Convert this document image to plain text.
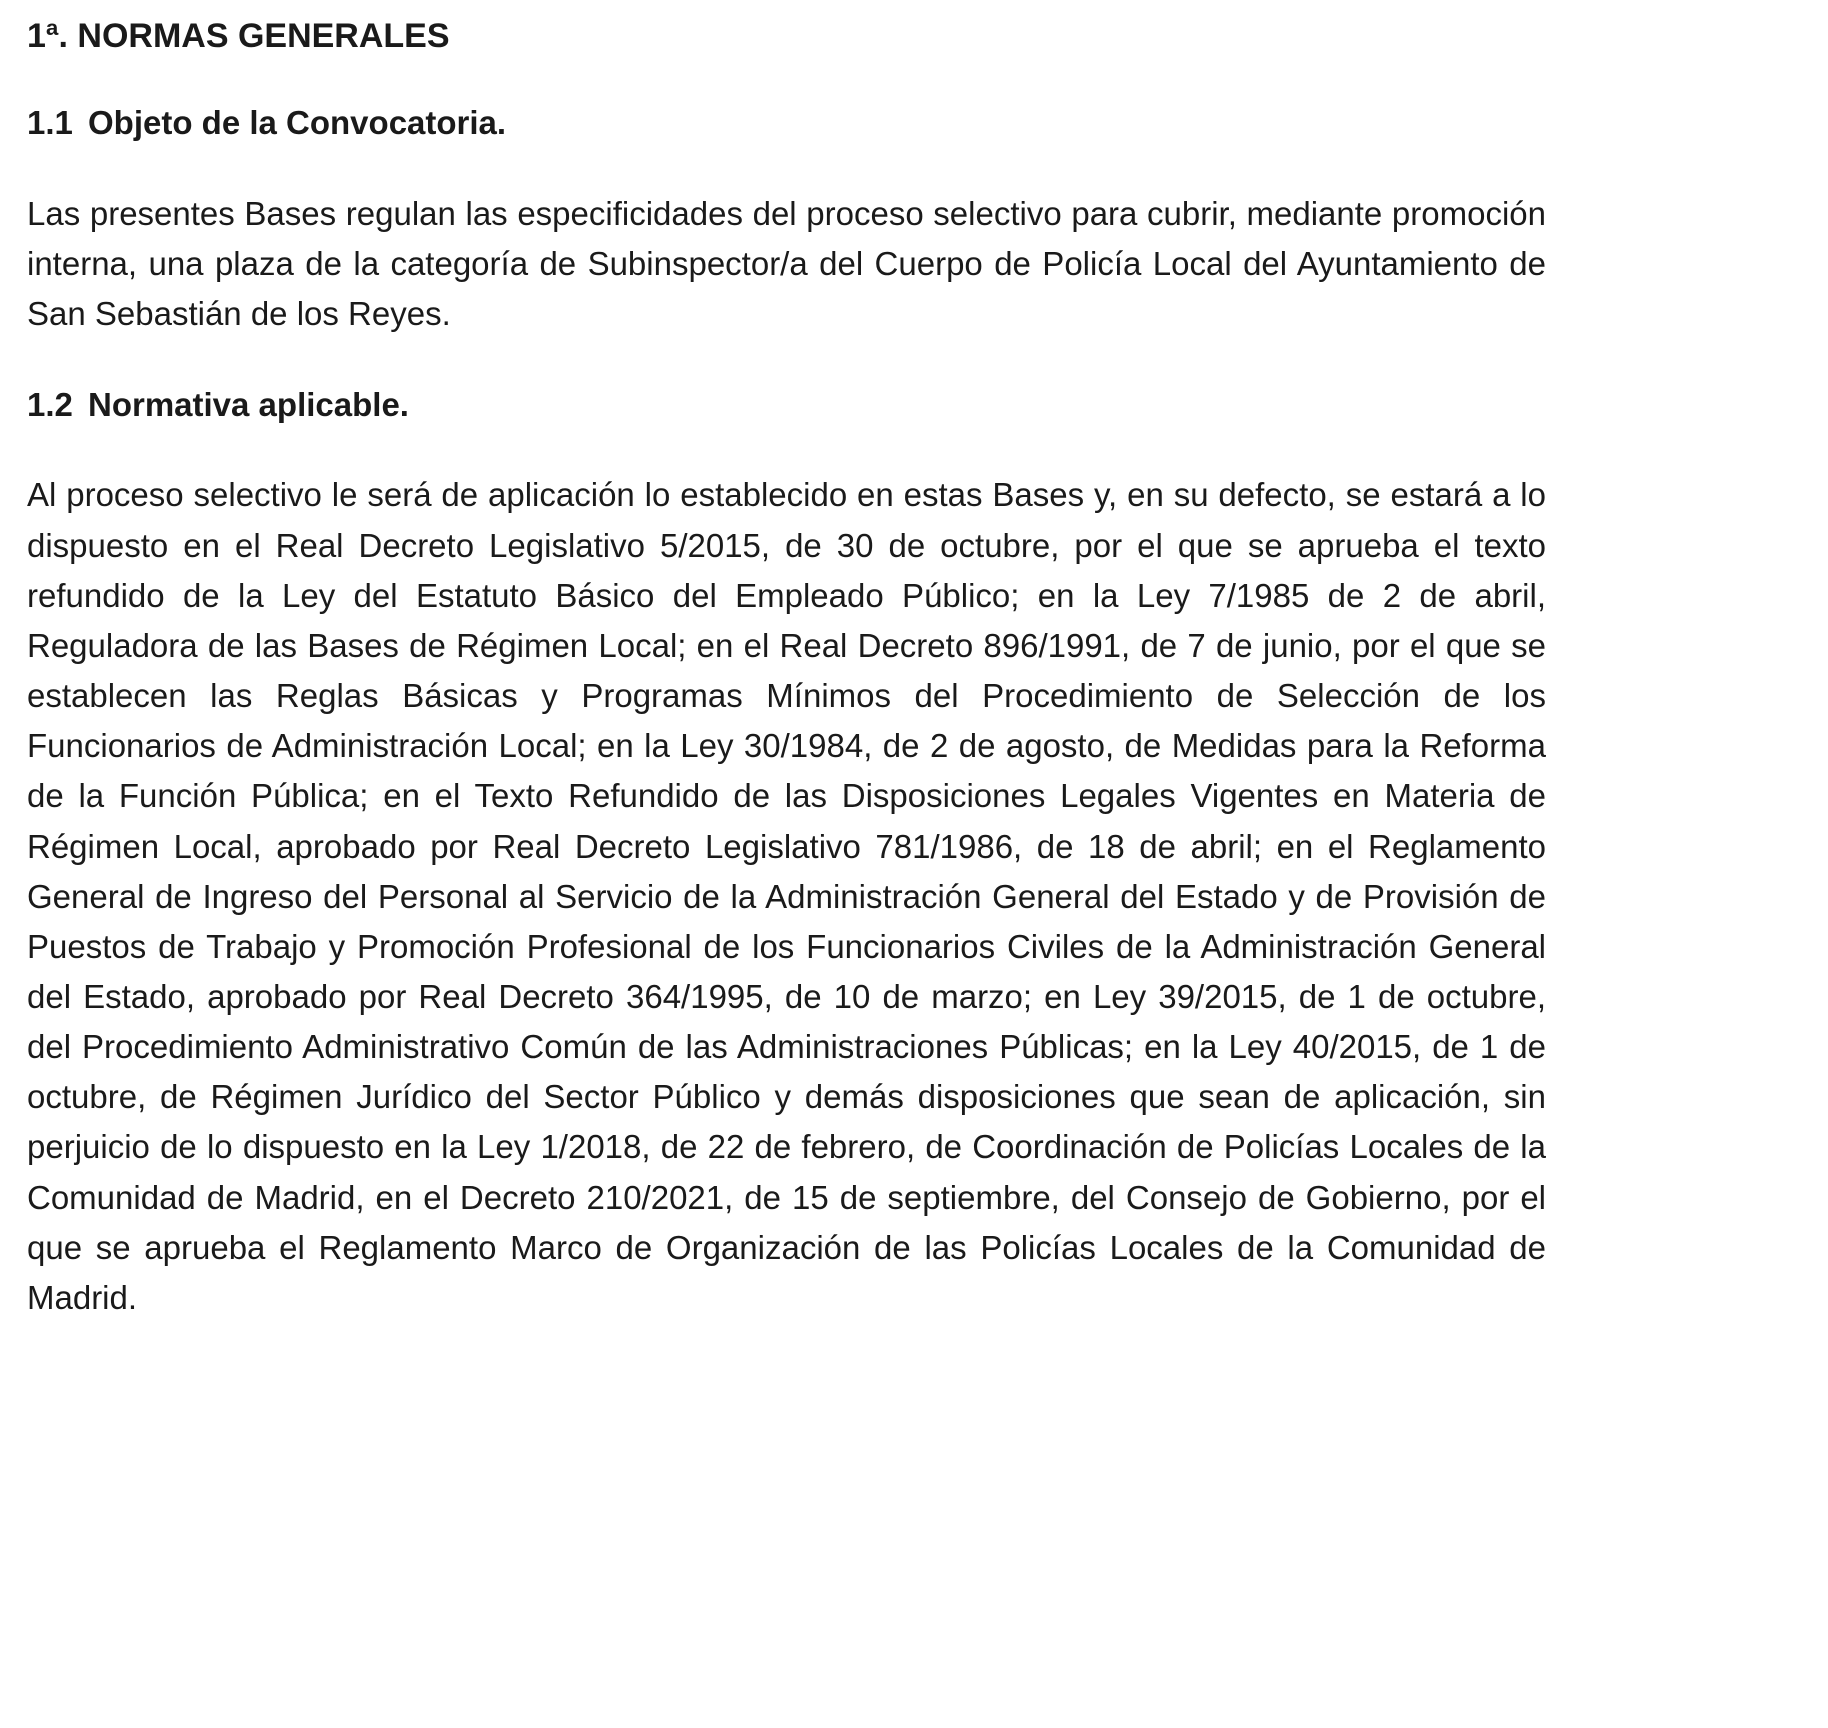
1ª. NORMAS GENERALES
1.1 Objeto de la Convocatoria.

Las presentes Bases regulan las especificidades del proceso selectivo para cubrir, mediante promoción interna, una plaza de la categoría de Subinspector/a del Cuerpo de Policía Local del Ayuntamiento de San Sebastián de los Reyes.

1.2 Normativa aplicable.

Al proceso selectivo le será de aplicación lo establecido en estas Bases y, en su defecto, se estará a lo dispuesto en el Real Decreto Legislativo 5/2015, de 30 de octubre, por el que se aprueba el texto refundido de la Ley del Estatuto Básico del Empleado Público; en la Ley 7/1985 de 2 de abril, Reguladora de las Bases de Régimen Local; en el Real Decreto 896/1991, de 7 de junio, por el que se establecen las Reglas Básicas y Programas Mínimos del Procedimiento de Selección de los Funcionarios de Administración Local; en la Ley 30/1984, de 2 de agosto, de Medidas para la Reforma de la Función Pública; en el Texto Refundido de las Disposiciones Legales Vigentes en Materia de Régimen Local, aprobado por Real Decreto Legislativo 781/1986, de 18 de abril; en el Reglamento General de Ingreso del Personal al Servicio de la Administración General del Estado y de Provisión de Puestos de Trabajo y Promoción Profesional de los Funcionarios Civiles de la Administración General del Estado, aprobado por Real Decreto 364/1995, de 10 de marzo; en Ley 39/2015, de 1 de octubre, del Procedimiento Administrativo Común de las Administraciones Públicas; en la Ley 40/2015, de 1 de octubre, de Régimen Jurídico del Sector Público y demás disposiciones que sean de aplicación, sin perjuicio de lo dispuesto en la Ley 1/2018, de 22 de febrero, de Coordinación de Policías Locales de la Comunidad de Madrid, en el Decreto 210/2021, de 15 de septiembre, del Consejo de Gobierno, por el que se aprueba el Reglamento Marco de Organización de las Policías Locales de la Comunidad de Madrid.
